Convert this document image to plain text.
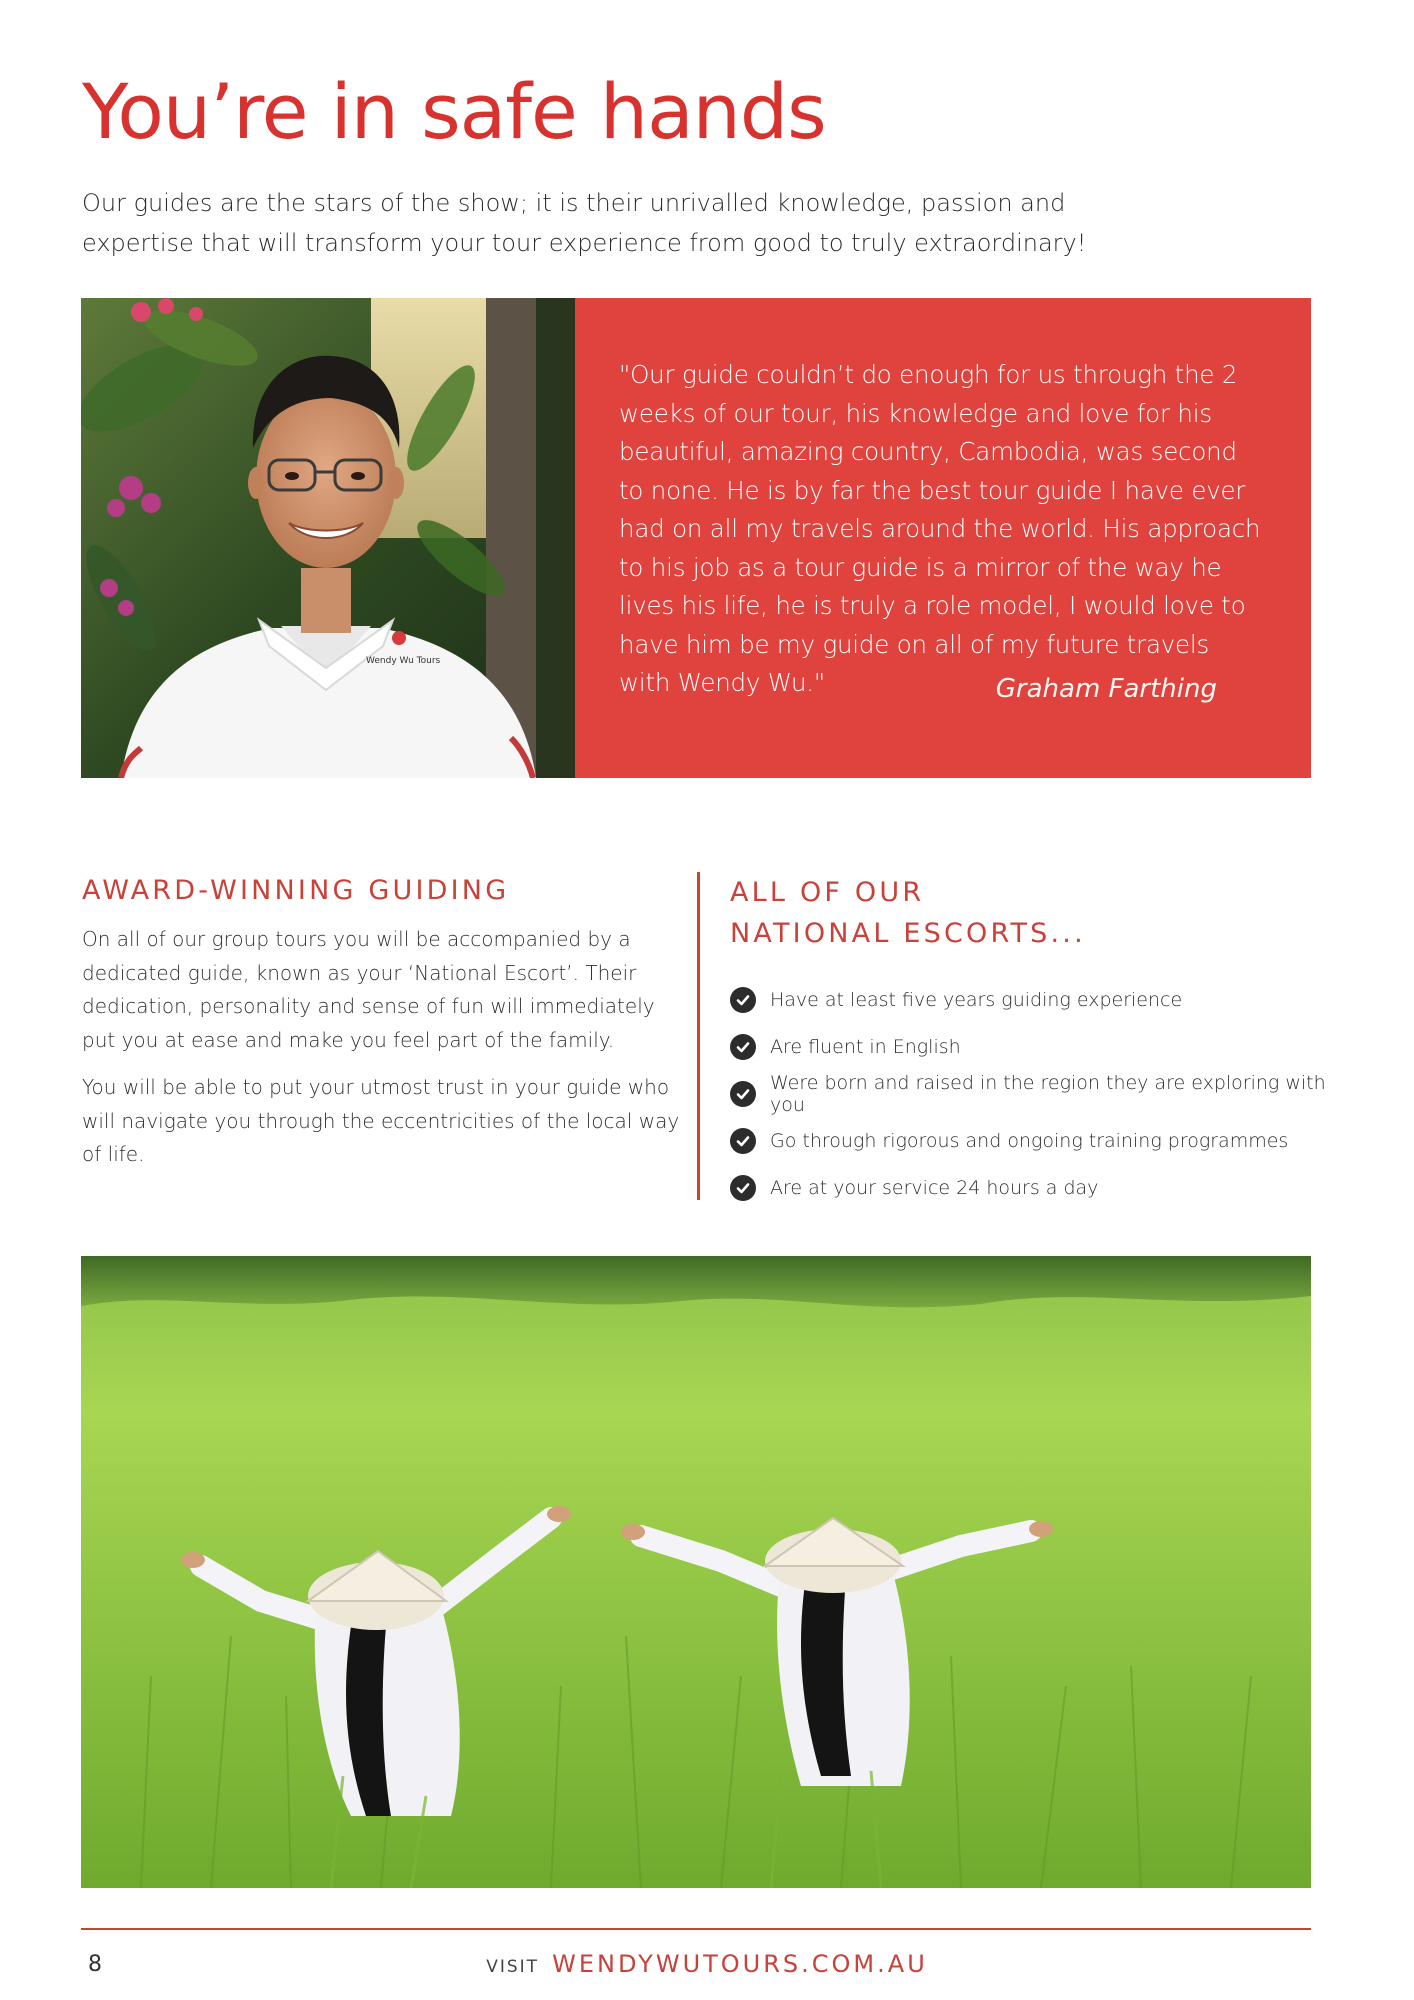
You’re in safe hands

Our guides are the stars of the show; it is their unrivalled knowledge, passion and expertise that will transform your tour experience from good to truly extraordinary!

Wendy Wu Tours

"Our guide couldn’t do enough for us through the 2 weeks of our tour, his knowledge and love for his beautiful, amazing country, Cambodia, was second to none. He is by far the best tour guide I have ever had on all my travels around the world. His approach to his job as a tour guide is a mirror of the way he lives his life, he is truly a role model, I would love to have him be my guide on all of my future travels with Wendy Wu."	Graham Farthing

AWARD-WINNING GUIDING

On all of our group tours you will be accompanied by a dedicated guide, known as your ‘National Escort’. Their dedication, personality and sense of fun will immediately put you at ease and make you feel part of the family.

You will be able to put your utmost trust in your guide who will navigate you through the eccentricities of the local way of life.

ALL OF OUR
NATIONAL ESCORTS...
Have at least five years guiding experience
Are fluent in English
Were born and raised in the region they are exploring with you
Go through rigorous and ongoing training programmes
Are at your service 24 hours a day

8	VISIT WENDYWUTOURS.COM.AU
